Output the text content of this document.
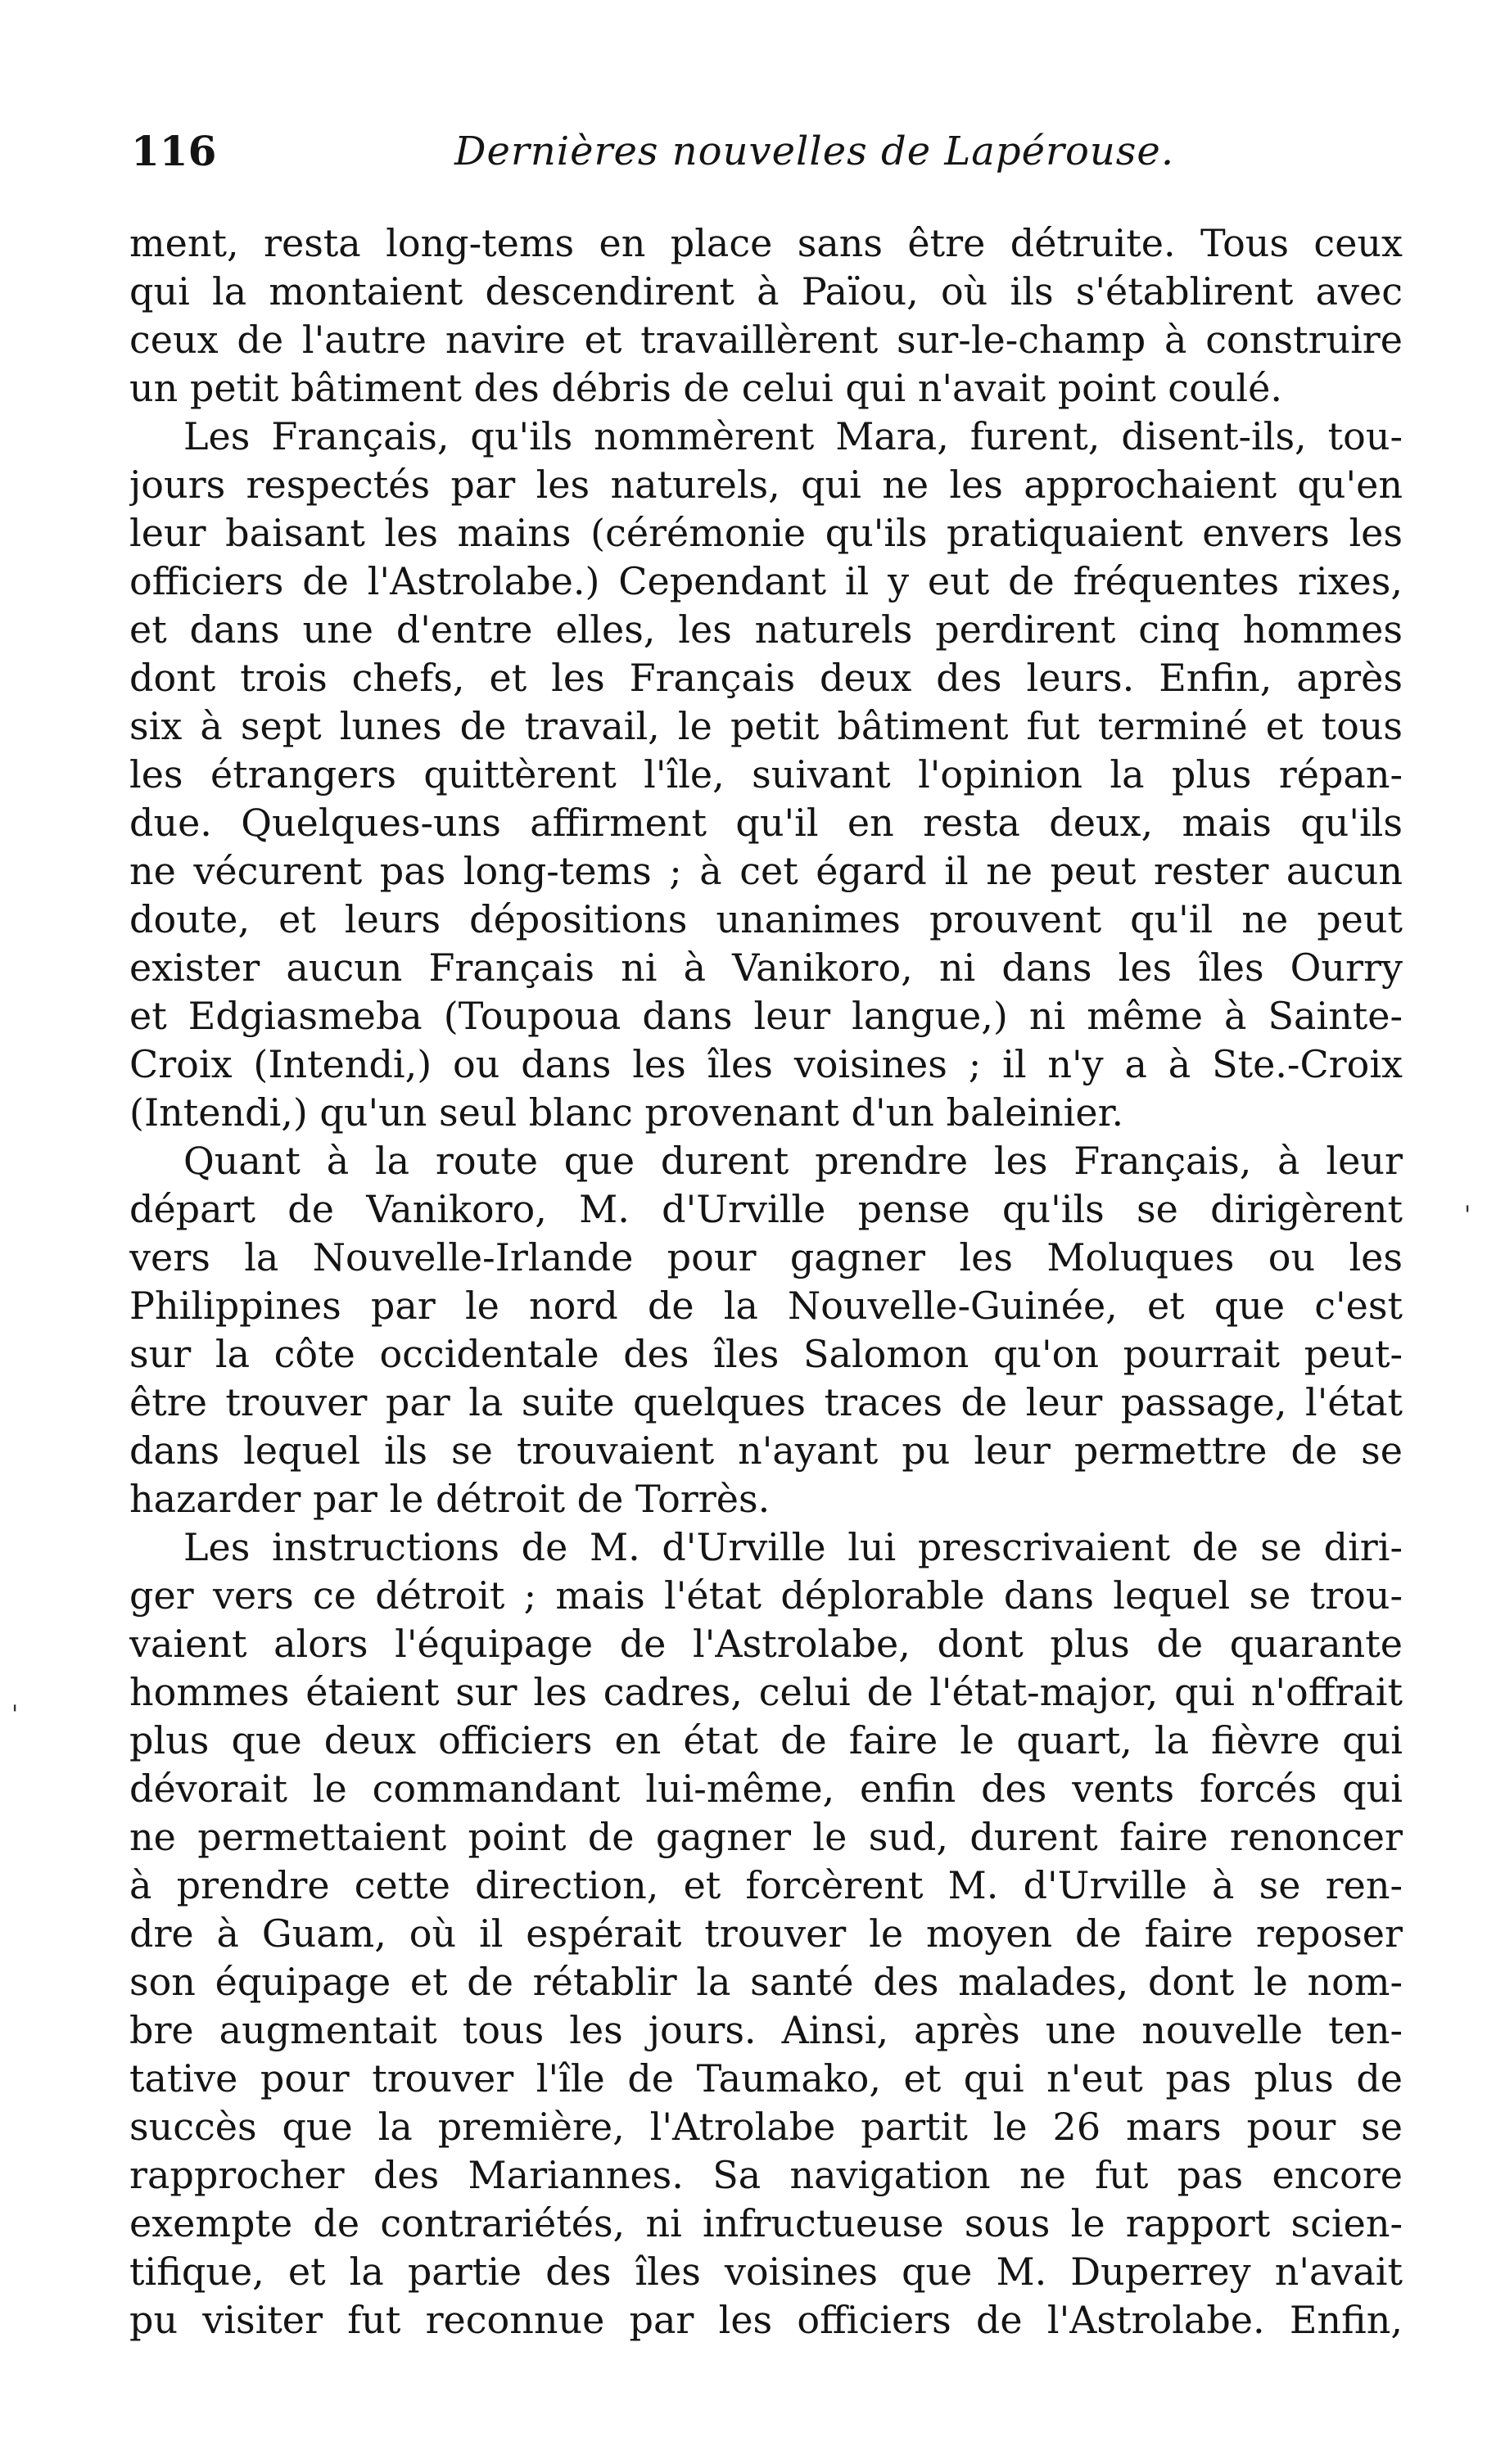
116	Dernières nouvelles de Lapérouse.
ment, resta long-tems en place sans être détruite. Tous ceux
qui la montaient descendirent à Païou, où ils s'établirent avec
ceux de l'autre navire et travaillèrent sur-le-champ à construire
un petit bâtiment des débris de celui qui n'avait point coulé.
Les Français, qu'ils nommèrent Mara, furent, disent-ils, tou-
jours respectés par les naturels, qui ne les approchaient qu'en
leur baisant les mains (cérémonie qu'ils pratiquaient envers les
officiers de l'Astrolabe.) Cependant il y eut de fréquentes rixes,
et dans une d'entre elles, les naturels perdirent cinq hommes
dont trois chefs, et les Français deux des leurs. Enfin, après
six à sept lunes de travail, le petit bâtiment fut terminé et tous
les étrangers quittèrent l'île, suivant l'opinion la plus répan-
due. Quelques-uns affirment qu'il en resta deux, mais qu'ils
ne vécurent pas long-tems ; à cet égard il ne peut rester aucun
doute, et leurs dépositions unanimes prouvent qu'il ne peut
exister aucun Français ni à Vanikoro, ni dans les îles Ourry
et Edgiasmeba (Toupoua dans leur langue,) ni même à Sainte-
Croix (Intendi,) ou dans les îles voisines ; il n'y a à Ste.-Croix
(Intendi,) qu'un seul blanc provenant d'un baleinier.
Quant à la route que durent prendre les Français, à leur
départ de Vanikoro, M. d'Urville pense qu'ils se dirigèrent
vers la Nouvelle-Irlande pour gagner les Moluques ou les
Philippines par le nord de la Nouvelle-Guinée, et que c'est
sur la côte occidentale des îles Salomon qu'on pourrait peut-
être trouver par la suite quelques traces de leur passage, l'état
dans lequel ils se trouvaient n'ayant pu leur permettre de se
hazarder par le détroit de Torrès.
Les instructions de M. d'Urville lui prescrivaient de se diri-
ger vers ce détroit ; mais l'état déplorable dans lequel se trou-
vaient alors l'équipage de l'Astrolabe, dont plus de quarante
hommes étaient sur les cadres, celui de l'état-major, qui n'offrait
plus que deux officiers en état de faire le quart, la fièvre qui
dévorait le commandant lui-même, enfin des vents forcés qui
ne permettaient point de gagner le sud, durent faire renoncer
à prendre cette direction, et forcèrent M. d'Urville à se ren-
dre à Guam, où il espérait trouver le moyen de faire reposer
son équipage et de rétablir la santé des malades, dont le nom-
bre augmentait tous les jours. Ainsi, après une nouvelle ten-
tative pour trouver l'île de Taumako, et qui n'eut pas plus de
succès que la première, l'Atrolabe partit le 26 mars pour se
rapprocher des Mariannes. Sa navigation ne fut pas encore
exempte de contrariétés, ni infructueuse sous le rapport scien-
tifique, et la partie des îles voisines que M. Duperrey n'avait
pu visiter fut reconnue par les officiers de l'Astrolabe. Enfin,
'
'
